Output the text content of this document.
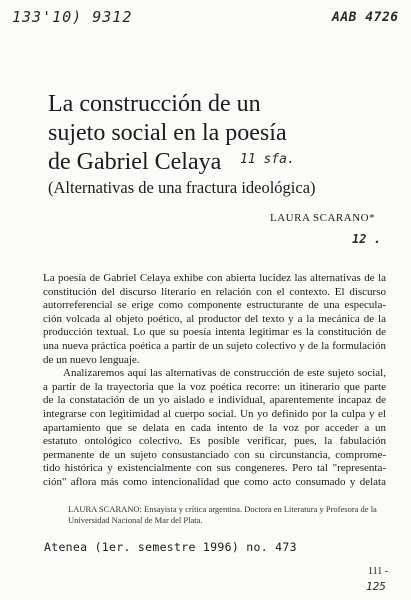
133'10) 9312	AAB 4726
La construcción de un
sujeto social en la poesía
de Gabriel Celaya	11 sfa.
(Alternativas de una fractura ideológica)
LAURA SCARANO*
12 .

La poesía de Gabriel Celaya exhibe con abierta lucidez las alternativas de la

constitución del discurso literario en relación con el contexto. El discurso

autorreferencial se erige como componente estructurante de una especula-

ción volcada al objeto poético, al productor del texto y a la mecánica de la

producción textual. Lo que su poesía intenta legitimar es la constitución de

una nueva práctica poética a partir de un sujeto colectivo y de la formulación

de un nuevo lenguaje.

Analizaremos aquí las alternativas de construcción de este sujeto social,

a partir de la trayectoria que la voz poética recorre: un itinerario que parte

de la constatación de un yo aislado e individual, aparentemente incapaz de

integrarse con legitimidad al cuerpo social. Un yo definido por la culpa y el

apartamiento que se delata en cada intento de la voz por acceder a un

estatuto ontológico colectivo. Es posible verificar, pues, la fabulación

permanente de un sujeto consustanciado con su circunstancia, comprome-

tido histórica y existencialmente con sus congeneres. Pero tal "representa-

ción" aflora más como intencionalidad que como acto consumado y delata

LAURA SCARANO: Ensayista y crítica argentina. Doctora en Literatura y Profesora de la

Universidad Nacional de Mar del Plata.

Atenea (1er. semestre 1996) no. 473
111 -
125
